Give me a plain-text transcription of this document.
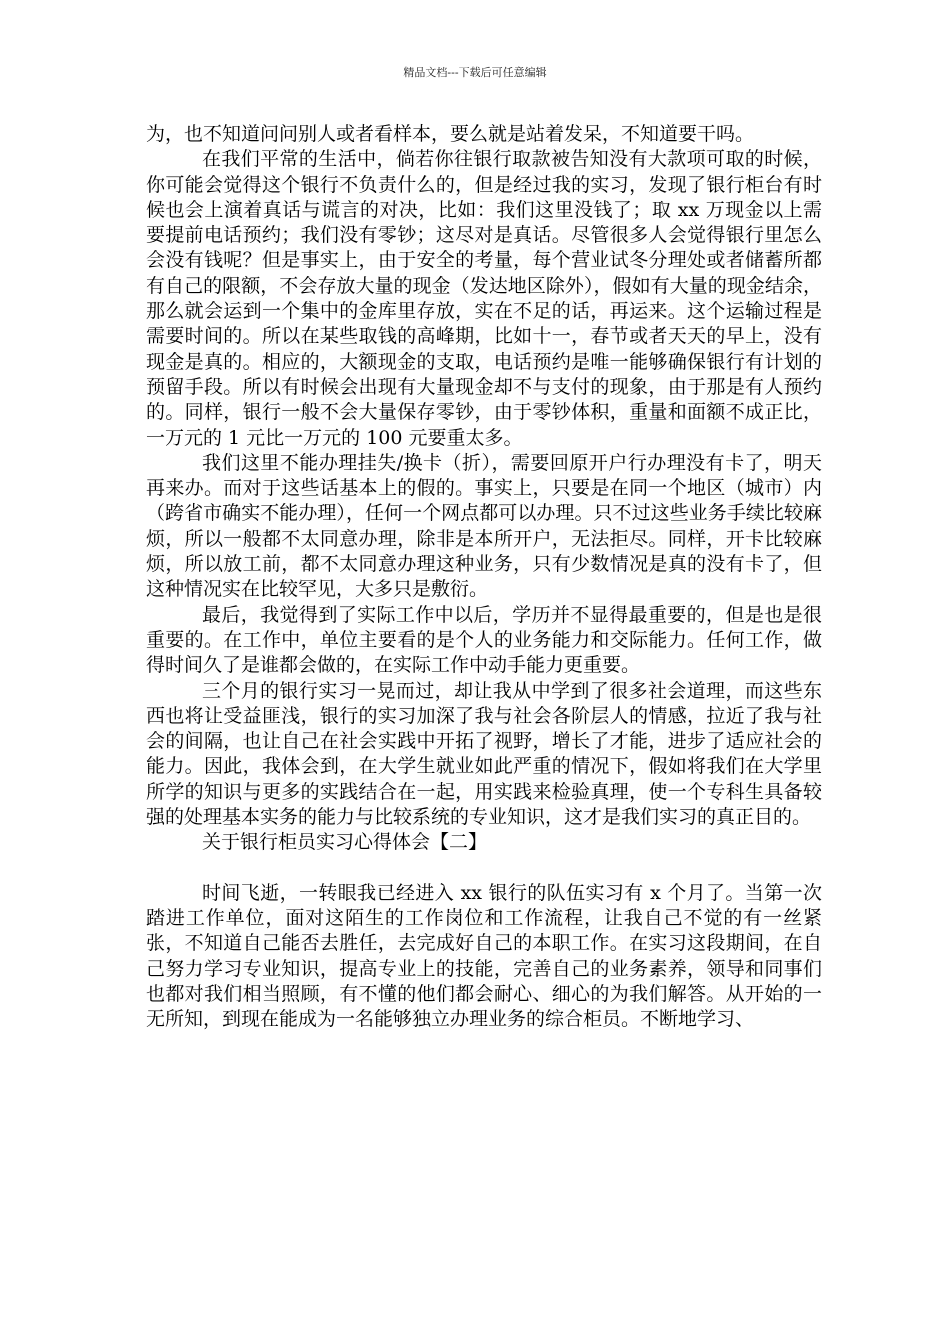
精品文档---下载后可任意编辑

为，也不知道问问别人或者看样本，要么就是站着发呆，不知道要干吗。

在我们平常的生活中，倘若你往银行取款被告知没有大款项可取的时候，你可能会觉得这个银行不负责什么的，但是经过我的实习，发现了银行柜台有时候也会上演着真话与谎言的对决，比如：我们这里没钱了；取 xx 万现金以上需要提前电话预约；我们没有零钞；这尽对是真话。尽管很多人会觉得银行里怎么会没有钱呢？但是事实上，由于安全的考量，每个营业试冬分理处或者储蓄所都有自己的限额，不会存放大量的现金（发达地区除外），假如有大量的现金结余，那么就会运到一个集中的金库里存放，实在不足的话，再运来。这个运输过程是需要时间的。所以在某些取钱的高峰期，比如十一，春节或者天天的早上，没有现金是真的。相应的，大额现金的支取，电话预约是唯一能够确保银行有计划的预留手段。所以有时候会出现有大量现金却不与支付的现象，由于那是有人预约的。同样，银行一般不会大量保存零钞，由于零钞体积，重量和面额不成正比，一万元的 1 元比一万元的 100 元要重太多。

我们这里不能办理挂失/换卡（折），需要回原开户行办理没有卡了，明天再来办。而对于这些话基本上的假的。事实上，只要是在同一个地区（城市）内（跨省市确实不能办理），任何一个网点都可以办理。只不过这些业务手续比较麻烦，所以一般都不太同意办理，除非是本所开户，无法拒尽。同样，开卡比较麻烦，所以放工前，都不太同意办理这种业务，只有少数情况是真的没有卡了，但这种情况实在比较罕见，大多只是敷衍。

最后，我觉得到了实际工作中以后，学历并不显得最重要的，但是也是很重要的。在工作中，单位主要看的是个人的业务能力和交际能力。任何工作，做得时间久了是谁都会做的，在实际工作中动手能力更重要。

三个月的银行实习一晃而过，却让我从中学到了很多社会道理，而这些东西也将让受益匪浅，银行的实习加深了我与社会各阶层人的情感，拉近了我与社会的间隔，也让自己在社会实践中开拓了视野，增长了才能，进步了适应社会的能力。因此，我体会到，在大学生就业如此严重的情况下，假如将我们在大学里所学的知识与更多的实践结合在一起，用实践来检验真理，使一个专科生具备较强的处理基本实务的能力与比较系统的专业知识，这才是我们实习的真正目的。

关于银行柜员实习心得体会【二】

时间飞逝，一转眼我已经进入 xx 银行的队伍实习有 x 个月了。当第一次踏进工作单位，面对这陌生的工作岗位和工作流程，让我自己不觉的有一丝紧张，不知道自己能否去胜任，去完成好自己的本职工作。在实习这段期间，在自己努力学习专业知识，提高专业上的技能，完善自己的业务素养，领导和同事们也都对我们相当照顾，有不懂的他们都会耐心、细心的为我们解答。从开始的一无所知，到现在能成为一名能够独立办理业务的综合柜员。不断地学习、
